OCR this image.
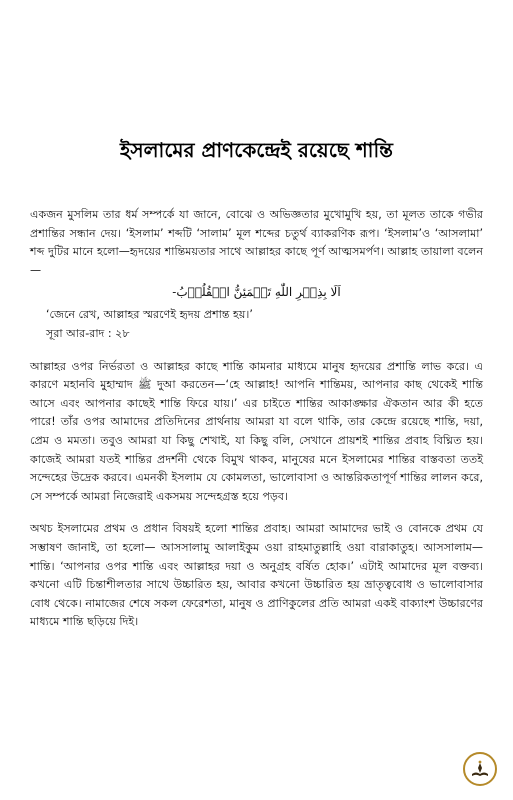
ইসলামের প্রাণকেন্দ্রেই রয়েছে শান্তি

একজন মুসলিম তার ধর্ম সম্পর্কে যা জানে, বোঝে ও অভিজ্ঞতার মুখোমুখি হয়, তা মূলত তাকে গভীর প্রশান্তির সন্ধান দেয়। ‘ইসলাম’ শব্দটি ‘সালাম’ মূল শব্দের চতুর্থ ব্যাকরণিক রূপ। ‘ইসলাম’ও ‘আসলামা’ শব্দ দুটির মানে হলো—হৃদয়ের শান্তিময়তার সাথে আল্লাহর কাছে পূর্ণ আত্মসমর্পণ। আল্লাহ তায়ালা বলেন—

اَلَا بِذِكۡرِ اللّٰهِ تَطۡمَئِنُّ الۡقُلُوۡبُ-

‘জেনে রেখ, আল্লাহর স্মরণেই হৃদয় প্রশান্ত হয়।’

সূরা আর-রাদ : ২৮

আল্লাহর ওপর নির্ভরতা ও আল্লাহর কাছে শান্তি কামনার মাধ্যমে মানুষ হৃদয়ের প্রশান্তি লাভ করে। এ কারণে মহানবি মুহাম্মাদ ﷺ দুআ করতেন—‘হে আল্লাহ! আপনি শান্তিময়, আপনার কাছ থেকেই শান্তি আসে এবং আপনার কাছেই শান্তি ফিরে যায়।’ এর চাইতে শান্তির আকাঙ্ক্ষার ঐকতান আর কী হতে পারে! তাঁর ওপর আমাদের প্রতিদিনের প্রার্থনায় আমরা যা বলে থাকি, তার কেন্দ্রে রয়েছে শান্তি, দয়া, প্রেম ও মমতা। তবুও আমরা যা কিছু শেখাই, যা কিছু বলি, সেখানে প্রায়শই শান্তির প্রবাহ বিঘ্নিত হয়। কাজেই আমরা যতই শান্তির প্রদর্শনী থেকে বিমুখ থাকব, মানুষের মনে ইসলামের শান্তির বাস্তবতা ততই সন্দেহের উদ্রেক করবে। এমনকী ইসলাম যে কোমলতা, ভালোবাসা ও আন্তরিকতাপূর্ণ শান্তির লালন করে, সে সম্পর্কে আমরা নিজেরাই একসময় সন্দেহগ্রস্ত হয়ে পড়ব।

অথচ ইসলামের প্রথম ও প্রধান বিষয়ই হলো শান্তির প্রবাহ। আমরা আমাদের ভাই ও বোনকে প্রথম যে সম্ভাষণ জানাই, তা হলো— আসসালামু আলাইকুম ওয়া রাহমাতুল্লাহি ওয়া বারাকাতুহ। আসসালাম— শান্তি। ‘আপনার ওপর শান্তি এবং আল্লাহর দয়া ও অনুগ্রহ বর্ষিত হোক।’ এটাই আমাদের মূল বক্তব্য। কখনো এটি চিন্তাশীলতার সাথে উচ্চারিত হয়, আবার কখনো উচ্চারিত হয় ভ্রাতৃত্ববোধ ও ভালোবাসার বোধ থেকে। নামাজের শেষে সকল ফেরেশতা, মানুষ ও প্রাণিকুলের প্রতি আমরা একই বাক্যাংশ উচ্চারণের মাধ্যমে শান্তি ছড়িয়ে দিই।
